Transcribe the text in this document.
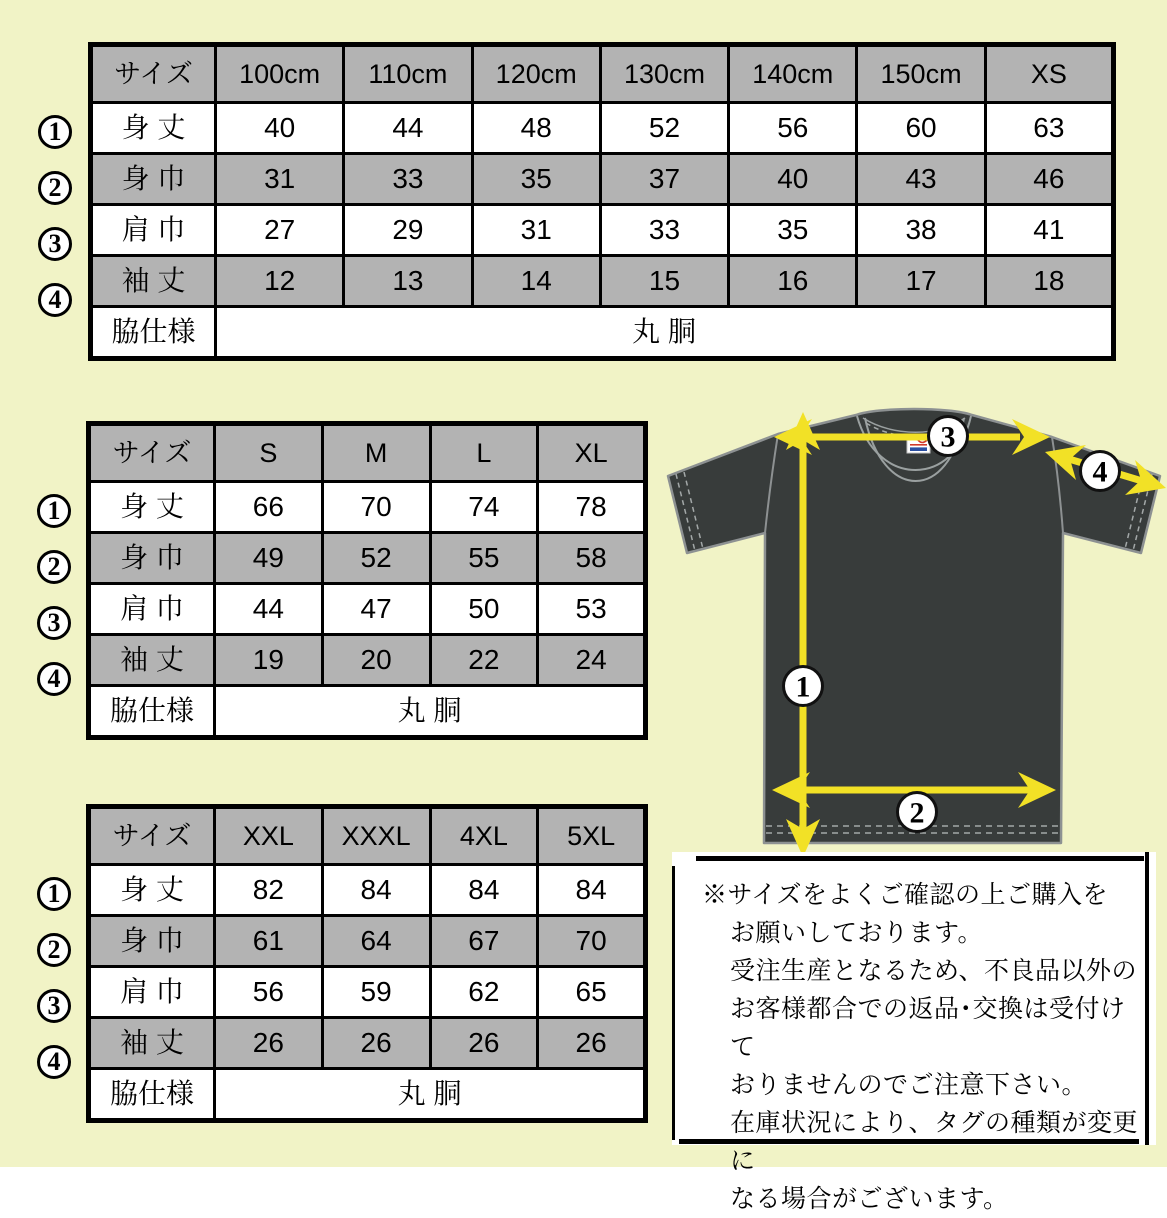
サイズ	100cm	110cm	120cm	130cm	140cm	150cm	XS
身 丈	40	44	48	52	56	60	63
身 巾	31	33	35	37	40	43	46
肩 巾	27	29	31	33	35	38	41
袖 丈	12	13	14	15	16	17	18
脇仕様	丸 胴						
1
2
3
4
サイズ	S	M	L	XL
身 丈	66	70	74	78
身 巾	49	52	55	58
肩 巾	44	47	50	53
袖 丈	19	20	22	24
脇仕様	丸 胴			
1
2
3
4
サイズ	XXL	XXXL	4XL	5XL
身 丈	82	84	84	84
身 巾	61	64	67	70
肩 巾	56	59	62	65
袖 丈	26	26	26	26
脇仕様	丸 胴			
1
2
3
4
1
2
3
4

※サイズをよくご確認の上ご購入を
お願いしております。
受注生産となるため、不良品以外の
お客様都合での返品･交換は受付けて
おりませんのでご注意下さい。
在庫状況により、タグの種類が変更に
なる場合がございます。
